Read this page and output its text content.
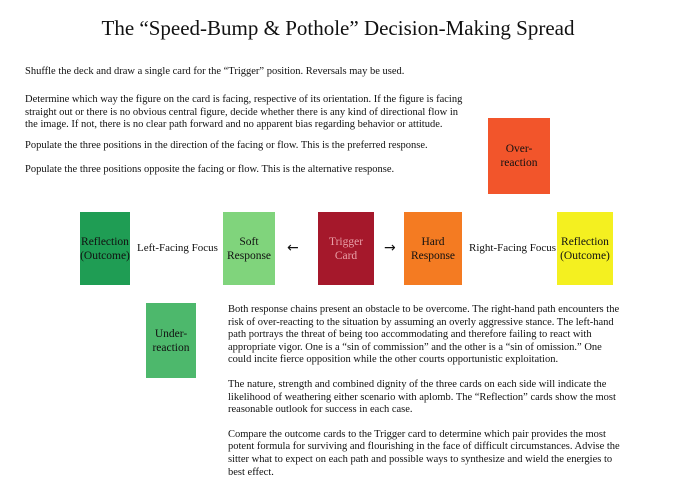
The “Speed-Bump & Pothole” Decision-Making Spread
Shuffle the deck and draw a single card for the “Trigger” position. Reversals may be used.
Determine which way the figure on the card is facing, respective of its orientation. If the figure is facing straight out or there is no obvious central figure, decide whether there is any kind of directional flow in the image. If not, there is no clear path forward and no apparent bias regarding behavior or attitude.
Populate the three positions in the direction of the facing or flow. This is the preferred response.
Populate the three positions opposite the facing or flow. This is the alternative response.
Over-
reaction
Reflection
(Outcome)
Left-Facing Focus
Soft
Response ←	Trigger
Card	→	Hard
Response
Right-Facing Focus
Reflection
(Outcome)
Under-
reaction

Both response chains present an obstacle to be overcome. The right-hand path encounters the risk of over-reacting to the situation by assuming an overly aggressive stance. The left-hand path portrays the threat of being too accommodating and therefore failing to react with appropriate vigor. One is a “sin of commission” and the other is a “sin of omission.” One could incite fierce opposition while the other courts opportunistic exploitation.

The nature, strength and combined dignity of the three cards on each side will indicate the likelihood of weathering either scenario with aplomb. The “Reflection” cards show the most reasonable outlook for success in each case.

Compare the outcome cards to the Trigger card to determine which pair provides the most potent formula for surviving and flourishing in the face of difficult circumstances. Advise the sitter what to expect on each path and possible ways to synthesize and wield the energies to best effect.
